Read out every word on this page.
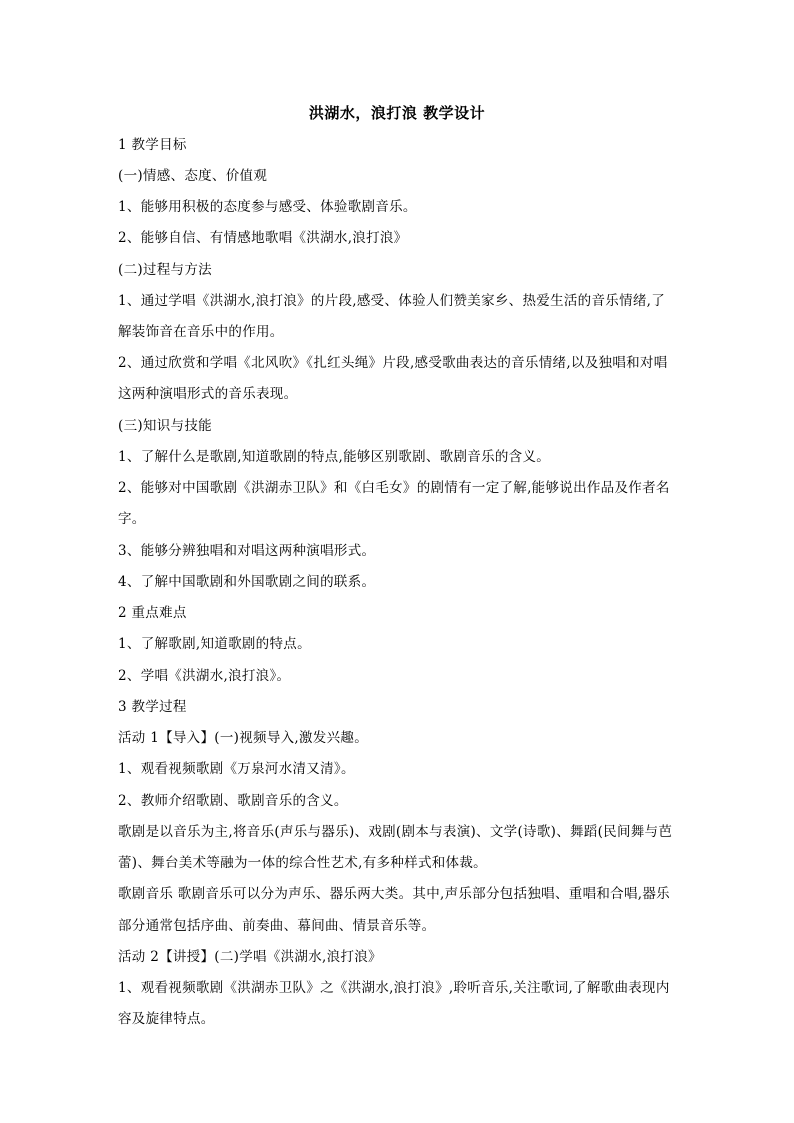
洪湖水，浪打浪 教学设计
1 教学目标
(一)情感、态度、价值观
1、能够用积极的态度参与感受、体验歌剧音乐。
2、能够自信、有情感地歌唱《洪湖水,浪打浪》
(二)过程与方法
1、通过学唱《洪湖水,浪打浪》的片段,感受、体验人们赞美家乡、热爱生活的音乐情绪,了
解装饰音在音乐中的作用。
2、通过欣赏和学唱《北风吹》《扎红头绳》片段,感受歌曲表达的音乐情绪,以及独唱和对唱
这两种演唱形式的音乐表现。
(三)知识与技能
1、了解什么是歌剧,知道歌剧的特点,能够区别歌剧、歌剧音乐的含义。
2、能够对中国歌剧《洪湖赤卫队》和《白毛女》的剧情有一定了解,能够说出作品及作者名
字。
3、能够分辨独唱和对唱这两种演唱形式。
4、了解中国歌剧和外国歌剧之间的联系。
2 重点难点
1、了解歌剧,知道歌剧的特点。
2、学唱《洪湖水,浪打浪》。
3 教学过程
活动 1【导入】(一)视频导入,激发兴趣。
1、观看视频歌剧《万泉河水清又清》。
2、教师介绍歌剧、歌剧音乐的含义。
歌剧是以音乐为主,将音乐(声乐与器乐)、戏剧(剧本与表演)、文学(诗歌)、舞蹈(民间舞与芭
蕾)、舞台美术等融为一体的综合性艺术,有多种样式和体裁。
歌剧音乐 歌剧音乐可以分为声乐、器乐两大类。其中,声乐部分包括独唱、重唱和合唱,器乐
部分通常包括序曲、前奏曲、幕间曲、情景音乐等。
活动 2【讲授】(二)学唱《洪湖水,浪打浪》
1、观看视频歌剧《洪湖赤卫队》之《洪湖水,浪打浪》,聆听音乐,关注歌词,了解歌曲表现内
容及旋律特点。
